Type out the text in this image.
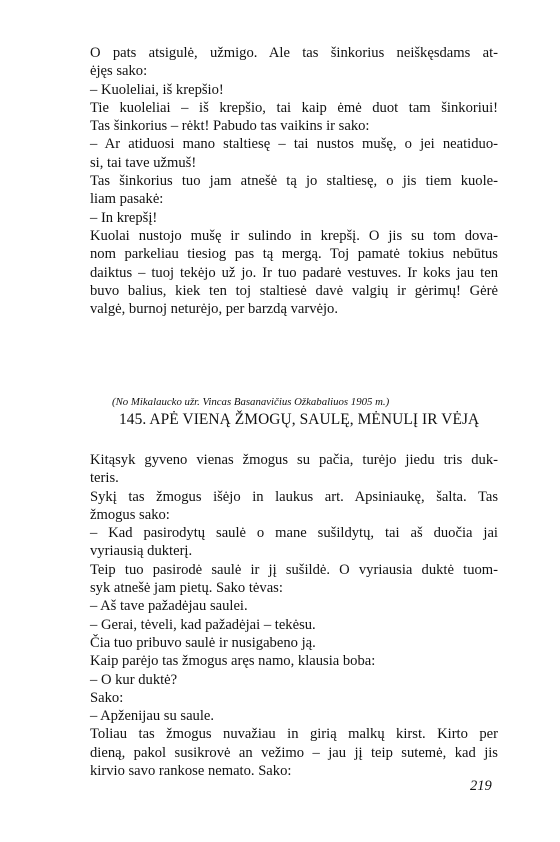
O pats atsigulė, užmigo. Ale tas šinkorius neiškęsdams at-
ėjęs sako:
– Kuoleliai, iš krepšio!
Tie kuoleliai – iš krepšio, tai kaip ėmė duot tam šinkoriui!
Tas šinkorius – rėkt! Pabudo tas vaikins ir sako:
– Ar atiduosi mano staltiesę – tai nustos mušę, o jei neatiduo-
si, tai tave užmuš!
Tas šinkorius tuo jam atnešė tą jo staltiesę, o jis tiem kuole-
liam pasakė:
– In krepšį!
Kuolai nustojo mušę ir sulindo in krepšį. O jis su tom dova-
nom parkeliau tiesiog pas tą mergą. Toj pamatė tokius nebūtus
daiktus – tuoj tekėjo už jo. Ir tuo padarė vestuves. Ir koks jau ten
buvo balius, kiek ten toj staltiesė davė valgių ir gėrimų! Gėrė
valgė, burnoj neturėjo, per barzdą varvėjo.
(No Mikalaucko užr. Vincas Basanavičius Ožkabaliuos 1905 m.)
145. APĖ VIENĄ ŽMOGŲ, SAULĘ, MĖNULĮ IR VĖJĄ
Kitąsyk gyveno vienas žmogus su pačia, turėjo jiedu tris duk-
teris.
Sykį tas žmogus išėjo in laukus art. Apsiniaukę, šalta. Tas
žmogus sako:
– Kad pasirodytų saulė o mane sušildytų, tai aš duočia jai
vyriausią dukterį.
Teip tuo pasirodė saulė ir jį sušildė. O vyriausia duktė tuom-
syk atnešė jam pietų. Sako tėvas:
– Aš tave pažadėjau saulei.
– Gerai, tėveli, kad pažadėjai – tekėsu.
Čia tuo pribuvo saulė ir nusigabeno ją.
Kaip parėjo tas žmogus aręs namo, klausia boba:
– O kur duktė?
Sako:
– Apženijau su saule.
Toliau tas žmogus nuvažiau in girią malkų kirst. Kirto per
dieną, pakol susikrovė an vežimo – jau jį teip sutemė, kad jis
kirvio savo rankose nemato. Sako:
219
